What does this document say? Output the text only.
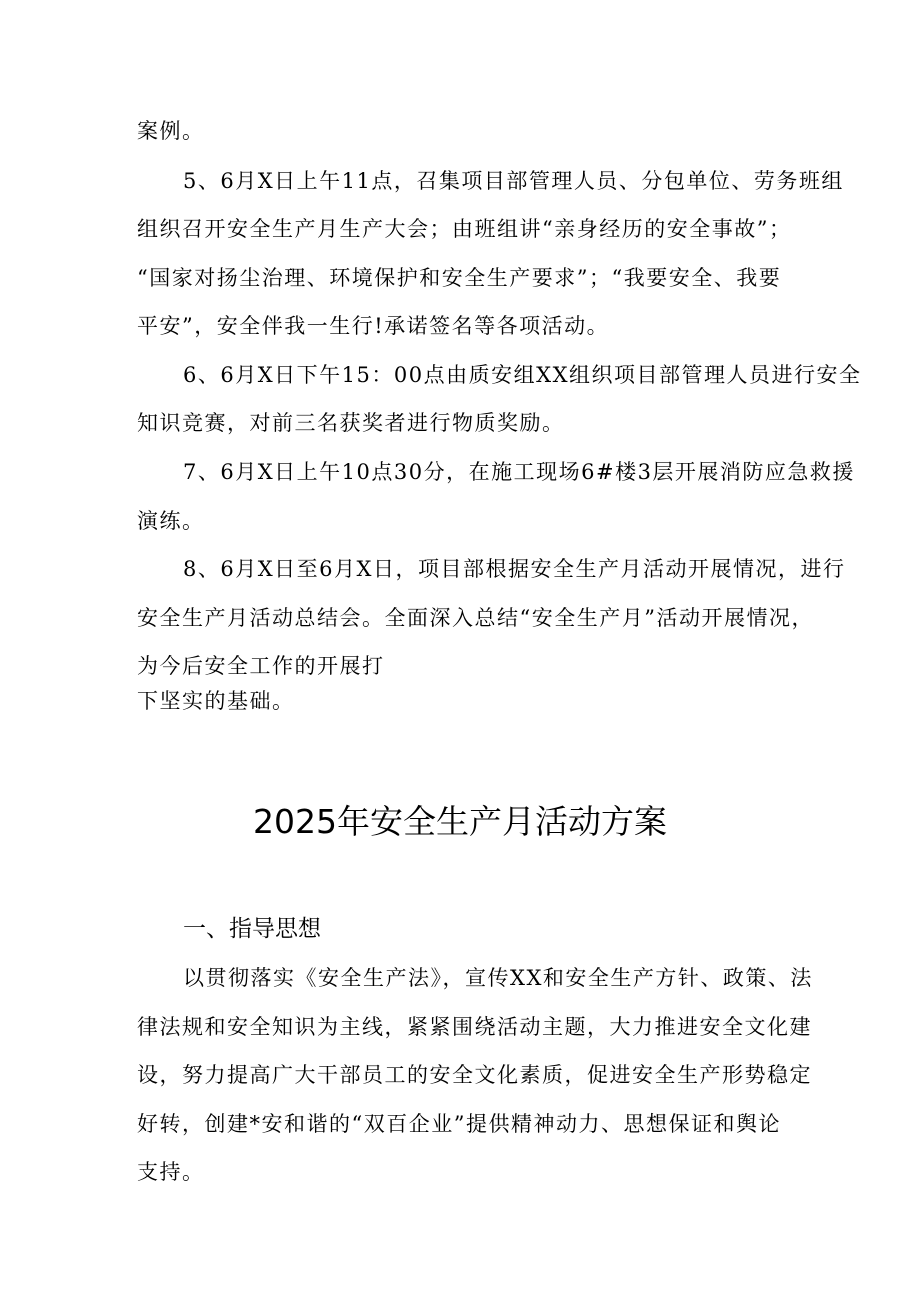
案例。
5、6月X日上午11点，召集项目部管理人员、分包单位、劳务班组
组织召开安全生产月生产大会；由班组讲“亲身经历的安全事故”；
“国家对扬尘治理、环境保护和安全生产要求”；“我要安全、我要
平安”，安全伴我一生行!承诺签名等各项活动。
6、6月X日下午15：00点由质安组XX组织项目部管理人员进行安全
知识竞赛，对前三名获奖者进行物质奖励。
7、6月X日上午10点30分，在施工现场6#楼3层开展消防应急救援
演练。
8、6月X日至6月X日，项目部根据安全生产月活动开展情况，进行
安全生产月活动总结会。全面深入总结“安全生产月”活动开展情况，
为今后安全工作的开展打
下坚实的基础。
2025年安全生产月活动方案
一、指导思想
以贯彻落实《安全生产法》，宣传XX和安全生产方针、政策、法
律法规和安全知识为主线，紧紧围绕活动主题，大力推进安全文化建
设，努力提高广大干部员工的安全文化素质，促进安全生产形势稳定
好转，创建*安和谐的“双百企业”提供精神动力、思想保证和舆论
支持。
